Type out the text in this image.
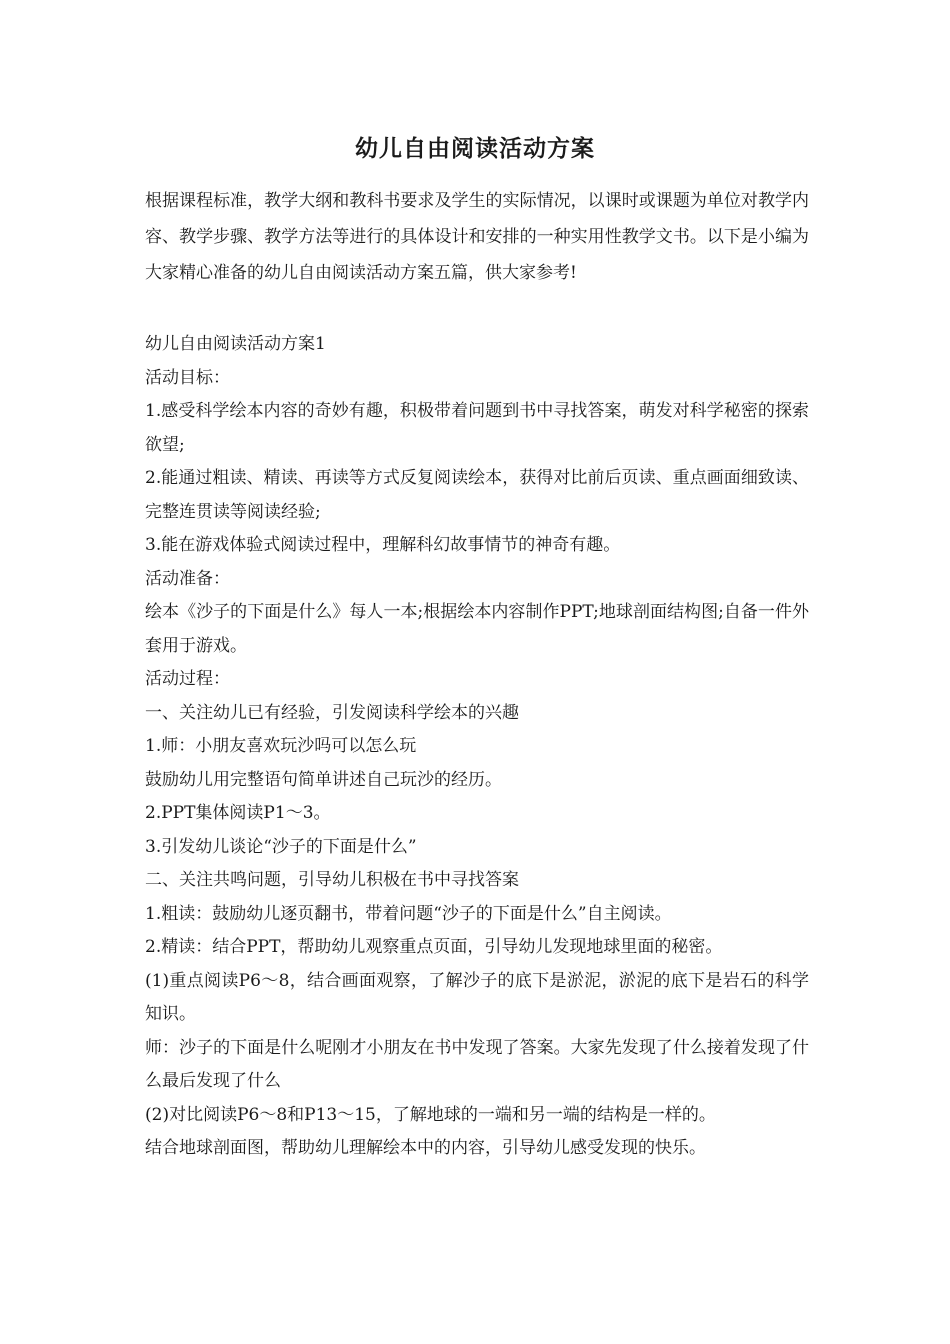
幼儿自由阅读活动方案

根据课程标准，教学大纲和教科书要求及学生的实际情况，以课时或课题为单位对教学内容、教学步骤、教学方法等进行的具体设计和安排的一种实用性教学文书。以下是小编为大家精心准备的幼儿自由阅读活动方案五篇，供大家参考!

幼儿自由阅读活动方案1

活动目标：

1.感受科学绘本内容的奇妙有趣，积极带着问题到书中寻找答案，萌发对科学秘密的探索欲望;

2.能通过粗读、精读、再读等方式反复阅读绘本，获得对比前后页读、重点画面细致读、完整连贯读等阅读经验;

3.能在游戏体验式阅读过程中，理解科幻故事情节的神奇有趣。

活动准备：

绘本《沙子的下面是什么》每人一本;根据绘本内容制作PPT;地球剖面结构图;自备一件外套用于游戏。

活动过程：

一、关注幼儿已有经验，引发阅读科学绘本的兴趣

1.师：小朋友喜欢玩沙吗可以怎么玩

鼓励幼儿用完整语句简单讲述自己玩沙的经历。

2.PPT集体阅读P1～3。

3.引发幼儿谈论“沙子的下面是什么”

二、关注共鸣问题，引导幼儿积极在书中寻找答案

1.粗读：鼓励幼儿逐页翻书，带着问题“沙子的下面是什么”自主阅读。

2.精读：结合PPT，帮助幼儿观察重点页面，引导幼儿发现地球里面的秘密。

(1)重点阅读P6～8，结合画面观察，了解沙子的底下是淤泥，淤泥的底下是岩石的科学知识。

师：沙子的下面是什么呢刚才小朋友在书中发现了答案。大家先发现了什么接着发现了什么最后发现了什么

(2)对比阅读P6～8和P13～15，了解地球的一端和另一端的结构是一样的。

结合地球剖面图，帮助幼儿理解绘本中的内容，引导幼儿感受发现的快乐。
